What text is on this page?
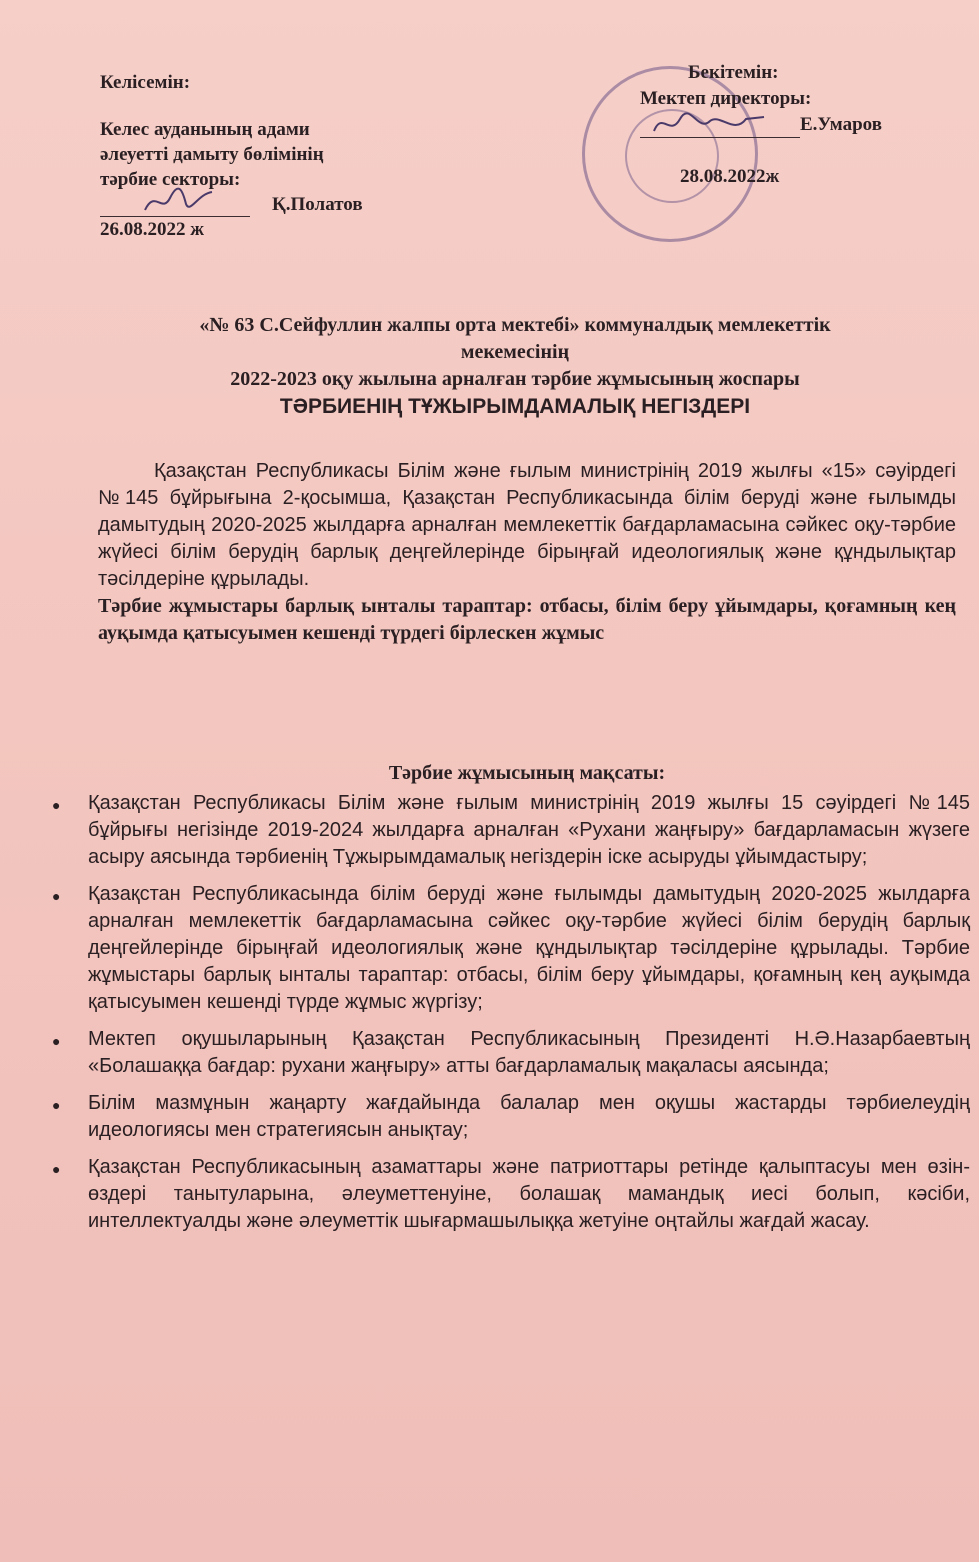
Келісемін:
Келес ауданының адами
әлеуетті дамыту бөлімінің
тәрбие секторы:
Қ.Полатов
26.08.2022 ж
Бекітемін:
Мектеп директоры:
Е.Умаров
28.08.2022ж
«№ 63 С.Сейфуллин жалпы орта мектебі» коммуналдық мемлекеттік
мекемесінің
2022-2023 оқу жылына арналған тәрбие жұмысының жоспары
ТӘРБИЕНІҢ ТҰЖЫРЫМДАМАЛЫҚ НЕГІЗДЕРІ

Қазақстан Республикасы Білім және ғылым министрінің 2019 жылғы «15» сәуірдегі №145 бұйрығына 2-қосымша, Қазақстан Республикасында білім беруді және ғылымды дамытудың 2020-2025 жылдарға арналған мемлекеттік бағдарламасына сәйкес оқу-тәрбие жүйесі білім берудің барлық деңгейлерінде бірыңғай идеологиялық және құндылықтар тәсілдеріне құрылады.

Тәрбие жұмыстары барлық ынталы тараптар: отбасы, білім беру ұйымдары, қоғамның кең ауқымда қатысуымен кешенді түрдегі бірлескен жұмыс

Тәрбие жұмысының мақсаты:
●	Қазақстан Республикасы Білім және ғылым министрінің 2019 жылғы 15 сәуірдегі №145 бұйрығы негізінде 2019-2024 жылдарға арналған «Рухани жаңғыру» бағдарламасын жүзеге асыру аясында тәрбиенің Тұжырымдамалық негіздерін іске асыруды ұйымдастыру;
●	Қазақстан Республикасында білім беруді және ғылымды дамытудың 2020-2025 жылдарға арналған мемлекеттік бағдарламасына сәйкес оқу-тәрбие жүйесі білім берудің барлық деңгейлерінде бірыңғай идеологиялық және құндылықтар тәсілдеріне құрылады. Тәрбие жұмыстары барлық ынталы тараптар: отбасы, білім беру ұйымдары, қоғамның кең ауқымда қатысуымен кешенді түрде жұмыс жүргізу;
●	Мектеп оқушыларының Қазақстан Республикасының Президенті Н.Ә.Назарбаевтың «Болашаққа бағдар: рухани жаңғыру» атты бағдарламалық мақаласы аясында;
●	Білім мазмұнын жаңарту жағдайында балалар мен оқушы жастарды тәрбиелеудің идеологиясы мен стратегиясын анықтау;
●	Қазақстан Республикасының азаматтары және патриоттары ретінде қалыптасуы мен өзін-өздері танытуларына, әлеуметтенуіне, болашақ мамандық иесі болып, кәсіби, интеллектуалды және әлеуметтік шығармашылыққа жетуіне оңтайлы жағдай жасау.
